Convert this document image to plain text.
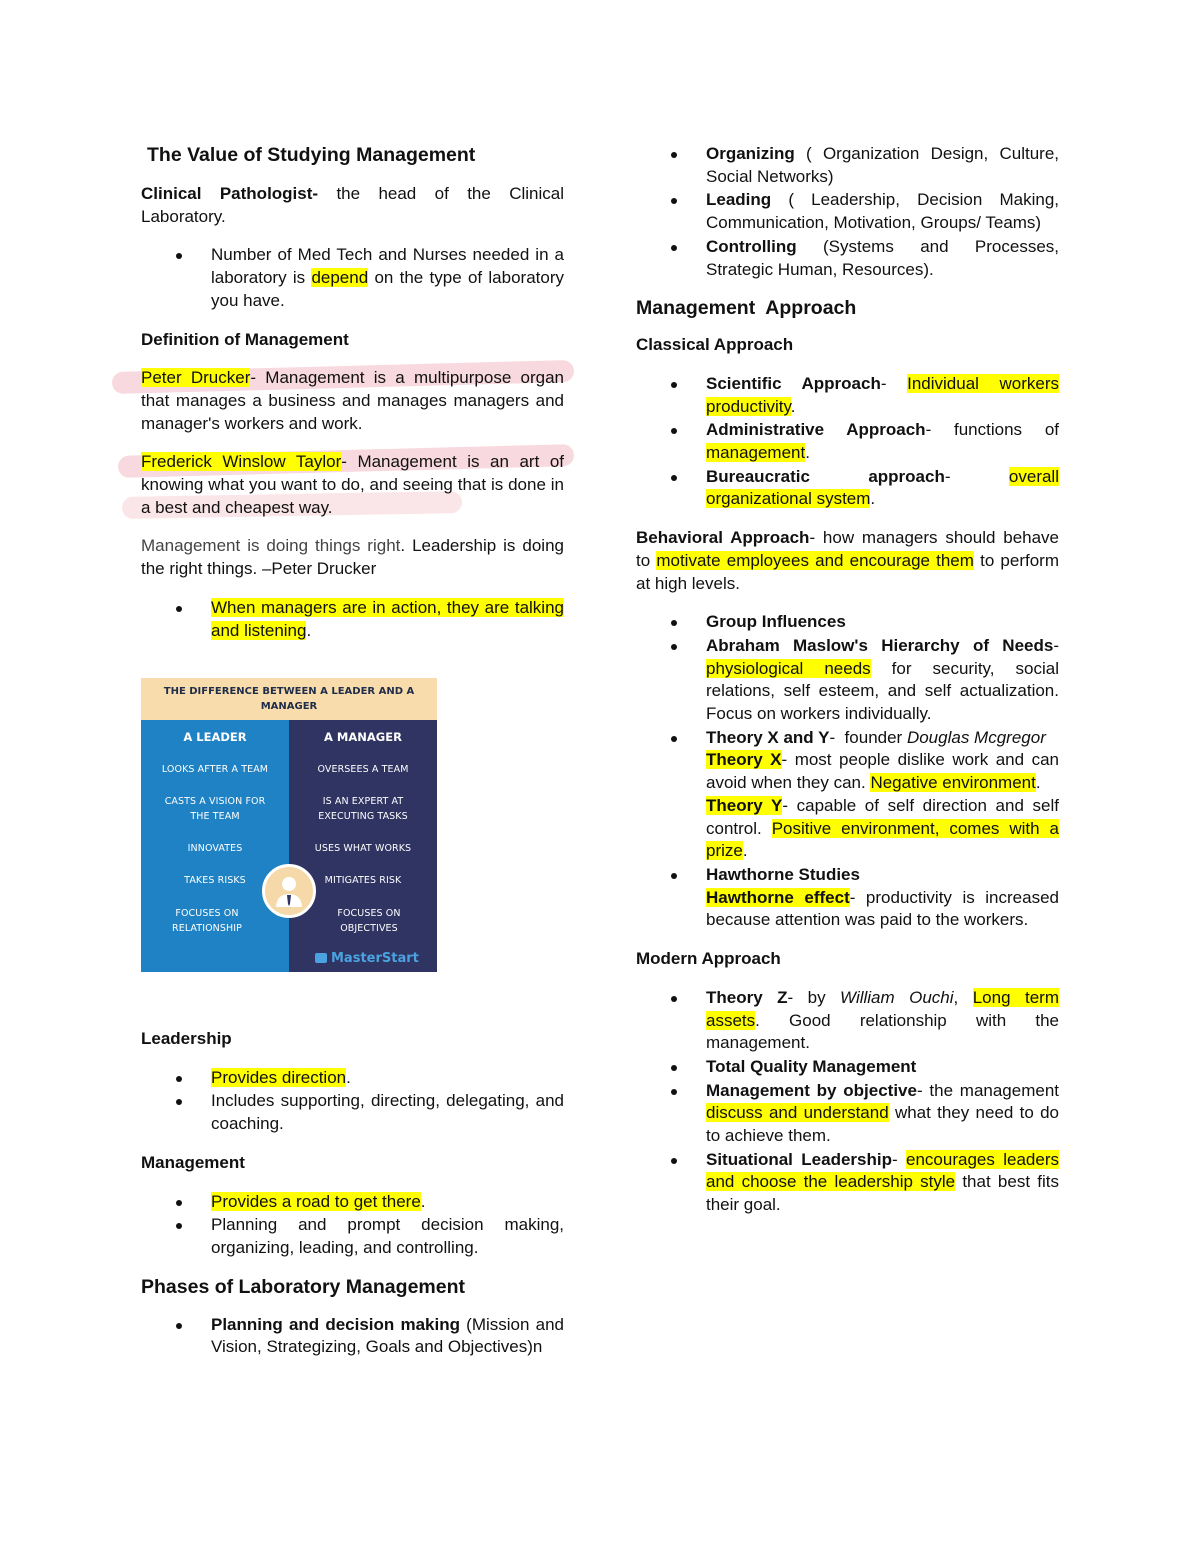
The Value of Studying Management

Clinical Pathologist- the head of the Clinical Laboratory.

Number of Med Tech and Nurses needed in a laboratory is depend on the type of laboratory you have.
Definition of Management

Peter Drucker- Management is a multipurpose organ that manages a business and manages managers and manager's workers and work.

Frederick Winslow Taylor- Management is an art of knowing what you want to do, and seeing that is done in a best and cheapest way.

Management is doing things right. Leadership is doing the right things. –Peter Drucker

When managers are in action, they are talking and listening.
THE DIFFERENCE BETWEEN A LEADER AND A MANAGER
A LEADER
LOOKS AFTER A TEAM
CASTS A VISION FOR THE TEAM
INNOVATES
TAKES RISKS
FOCUSES ON RELATIONSHIP
A MANAGER
OVERSEES A TEAM
IS AN EXPERT AT EXECUTING TASKS
USES WHAT WORKS
MITIGATES RISK
FOCUSES ON OBJECTIVES
MasterStart
Leadership
Provides direction.
Includes supporting, directing, delegating, and coaching.
Management
Provides a road to get there.
Planning and prompt decision making, organizing, leading, and controlling.
Phases of Laboratory Management
Planning and decision making (Mission and Vision, Strategizing, Goals and Objectives)n
Organizing ( Organization Design, Culture, Social Networks)
Leading ( Leadership, Decision Making, Communication, Motivation, Groups/ Teams)
Controlling (Systems and Processes, Strategic Human, Resources).
Management  Approach
Classical Approach
Scientific Approach- Individual workers productivity.
Administrative Approach- functions of management.
Bureaucratic approach- overall organizational system.

Behavioral Approach- how managers should behave to motivate employees and encourage them to perform at high levels.

Group Influences
Abraham Maslow's Hierarchy of Needs- physiological needs for security, social relations, self esteem, and self actualization. Focus on workers individually.
Theory X and Y-  founder Douglas Mcgregor
Theory X- most people dislike work and can avoid when they can. Negative environment.
Theory Y- capable of self direction and self control. Positive environment, comes with a prize.
Hawthorne Studies
Hawthorne effect- productivity is increased because attention was paid to the workers.
Modern Approach
Theory Z- by William Ouchi, Long term assets. Good relationship with the management.
Total Quality Management
Management by objective- the management discuss and understand what they need to do to achieve them.
Situational Leadership- encourages leaders and choose the leadership style that best fits their goal.
